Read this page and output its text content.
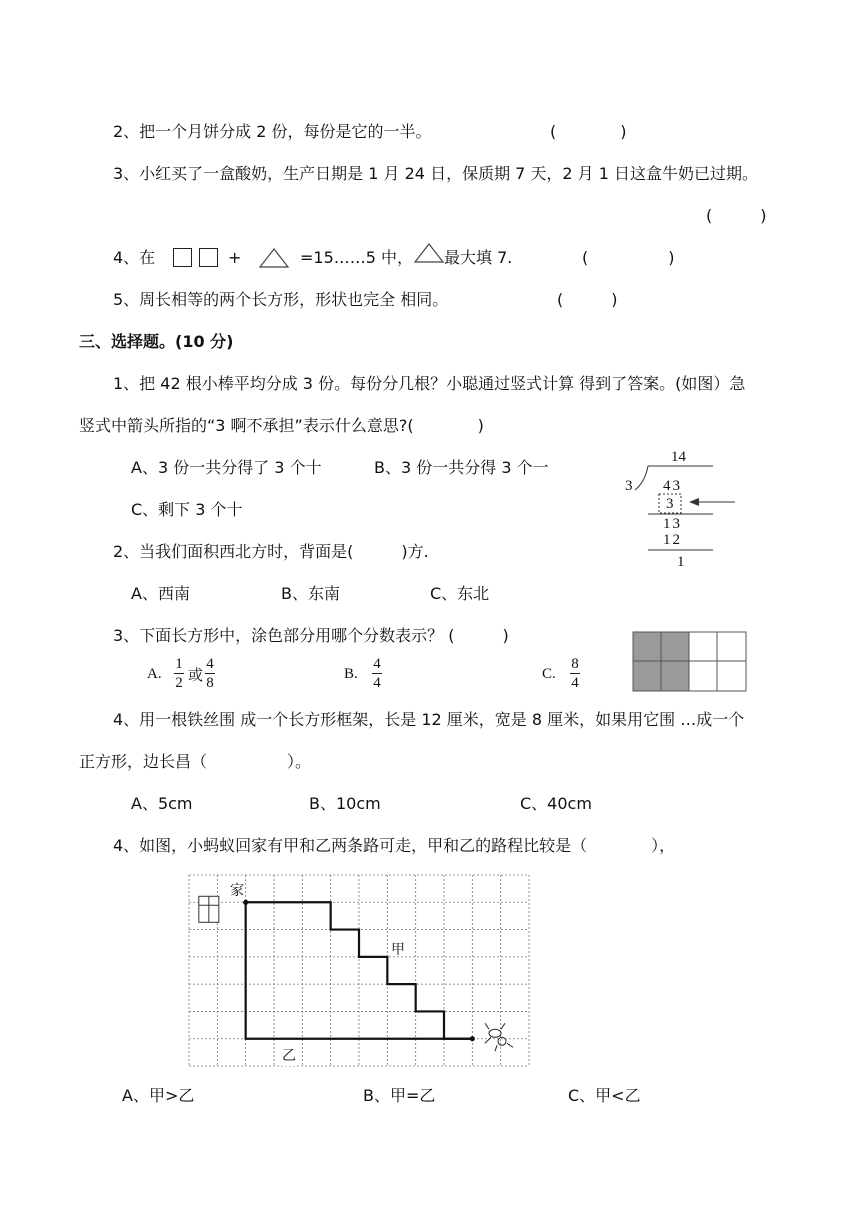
2、把一个月饼分成 2 份，每份是它的一半。	(　　　　)
3、小红买了一盒酸奶，生产日期是 1 月 24 日，保质期 7 天，2 月 1 日这盒牛奶已过期。
(　　　)
4、在	+	=15……5 中， 最大填 7.	(　　　　　)
5、周长相等的两个长方形，形状也完全 相同。	(　　　)
三、选择题。(10 分)
1、把 42 根小棒平均分成 3 份。每份分几根？小聪通过竖式计算 得到了答案。(如图）急
竖式中箭头所指的“3 啊不承担”表示什么意思?(　　　　)
A、3 份一共分得了 3 个十	B、3 份一共分得 3 个一
C、剩下 3 个十
3
14
43
3
13
12
1
2、当我们面积西北方时，背面是(　　　)方.
A、西南	B、东南	C、东北
3、下面长方形中，涂色部分用哪个分数表示？ (　　　)
A.
1
2 或
4
8
B.
4
4
C.
8
4
4、用一根铁丝围 成一个长方形框架，长是 12 厘米，宽是 8 厘米，如果用它围 …成一个
正方形，边长昌（　　　　　）。
A、5cm	B、10cm	C、40cm
4、如图，小蚂蚁回家有甲和乙两条路可走，甲和乙的路程比较是（　　　　），
家
甲
乙
A、甲>乙	B、甲=乙	C、甲<乙
